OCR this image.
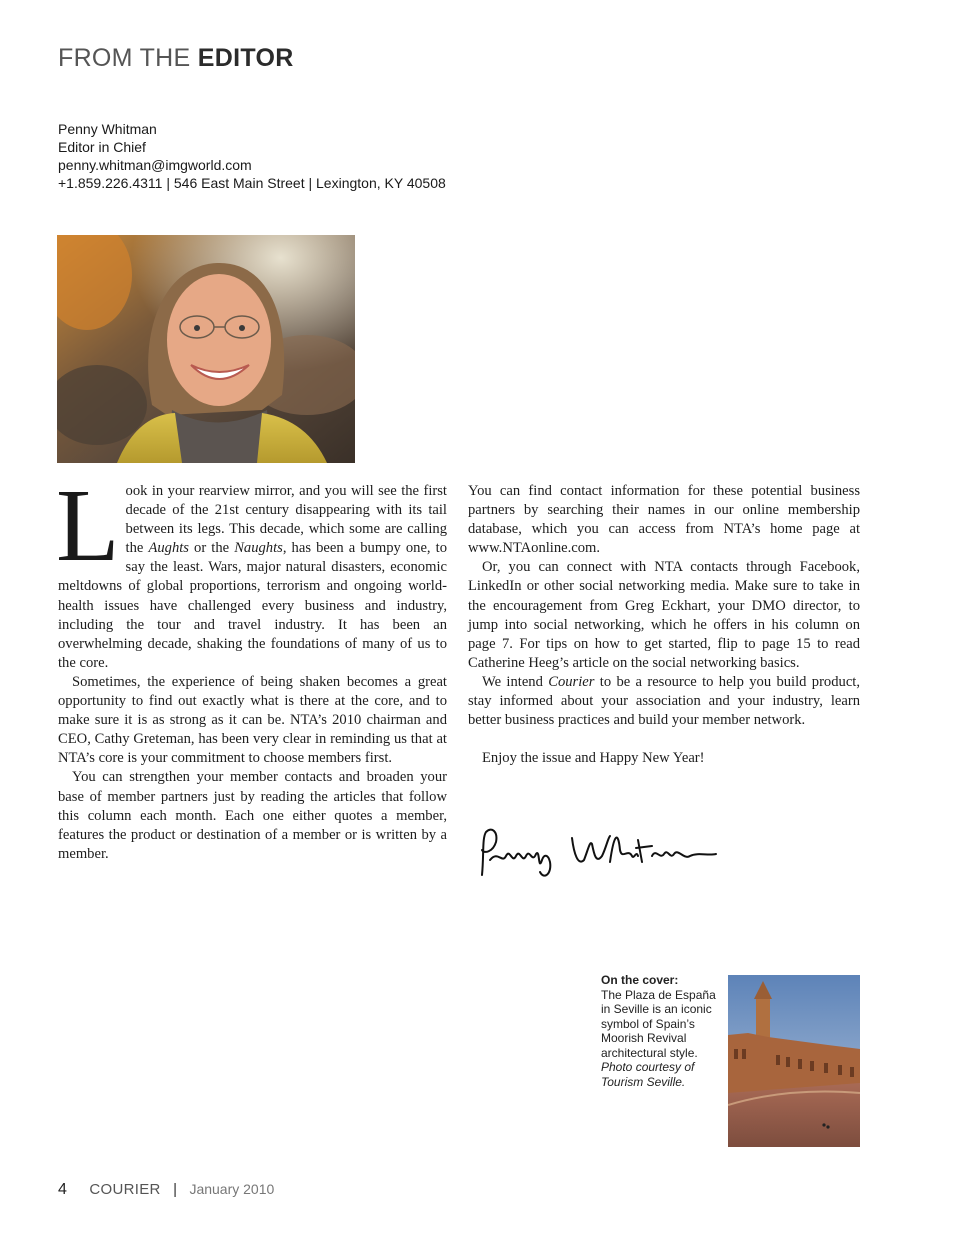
FROM THE EDITOR
Penny Whitman
Editor in Chief
penny.whitman@imgworld.com
+1.859.226.4311 | 546 East Main Street | Lexington, KY 40508

Look in your rearview mirror, and you will see the first decade of the 21st century disappearing with its tail between its legs. This decade, which some are calling the Aughts or the Naughts, has been a bumpy one, to say the least. Wars, major natural disasters, economic meltdowns of global proportions, terrorism and ongoing world-health issues have challenged every business and industry, including the tour and travel industry. It has been an overwhelming decade, shaking the foundations of many of us to the core.

Sometimes, the experience of being shaken becomes a great opportunity to find out exactly what is there at the core, and to make sure it is as strong as it can be. NTA’s 2010 chairman and CEO, Cathy Greteman, has been very clear in reminding us that at NTA’s core is your commitment to choose members first.

You can strengthen your member contacts and broaden your base of member partners just by reading the articles that follow this column each month. Each one either quotes a member, features the product or destination of a member or is written by a member.

You can find contact information for these potential business partners by searching their names in our online membership database, which you can access from NTA’s home page at www.NTAonline.com.

Or, you can connect with NTA contacts through Facebook, LinkedIn or other social networking media. Make sure to take in the encouragement from Greg Eckhart, your DMO director, to jump into social networking, which he offers in his column on page 7. For tips on how to get started, flip to page 15 to read Catherine Heeg’s article on the social networking basics.

We intend Courier to be a resource to help you build product, stay informed about your association and your industry, learn better business practices and build your member network.

Enjoy the issue and Happy New Year!

On the cover:
The Plaza de España in Seville is an iconic symbol of Spain’s Moorish Revival architectural style. Photo courtesy of Tourism Seville.
4 COURIER | January 2010
